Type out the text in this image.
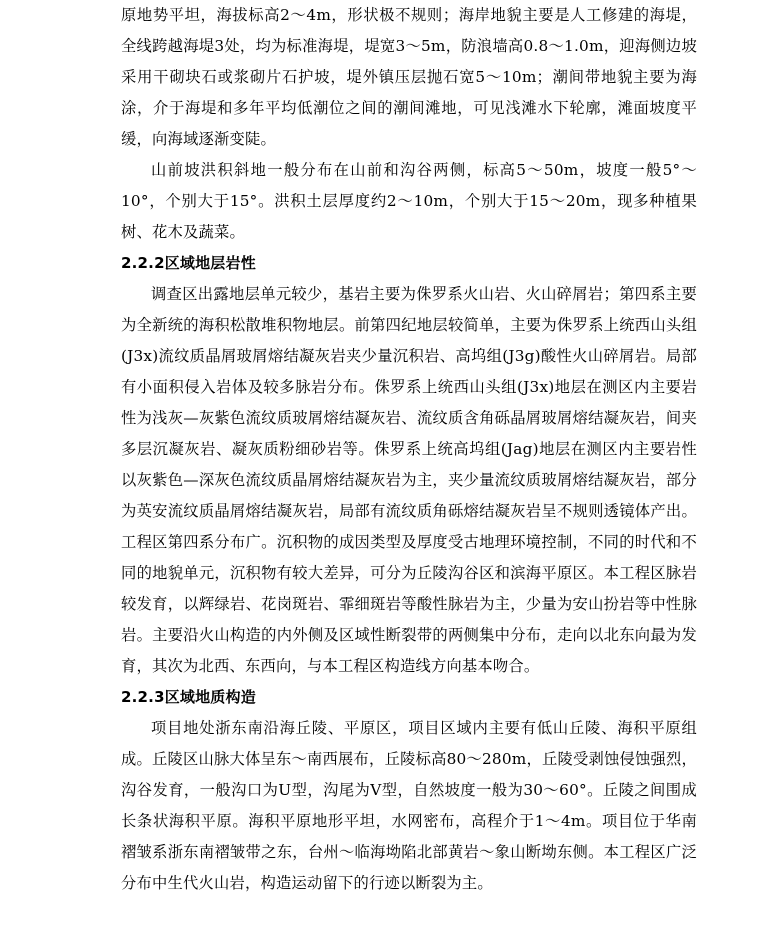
原地势平坦，海拔标高2～4m，形状极不规则；海岸地貌主要是人工修建的海堤，全线跨越海堤3处，均为标准海堤，堤宽3～5m，防浪墙高0.8～1.0m，迎海侧边坡采用干砌块石或浆砌片石护坡，堤外镇压层抛石宽5～10m；潮间带地貌主要为海涂，介于海堤和多年平均低潮位之间的潮间滩地，可见浅滩水下轮廓，滩面坡度平缓，向海域逐渐变陡。

山前坡洪积斜地一般分布在山前和沟谷两侧，标高5～50m，坡度一般5°～10°，个别大于15°。洪积土层厚度约2～10m，个别大于15～20m，现多种植果树、花木及蔬菜。

2.2.2区域地层岩性

调查区出露地层单元较少，基岩主要为侏罗系火山岩、火山碎屑岩；第四系主要为全新统的海积松散堆积物地层。前第四纪地层较简单，主要为侏罗系上统西山头组(J3x)流纹质晶屑玻屑熔结凝灰岩夹少量沉积岩、高坞组(J3g)酸性火山碎屑岩。局部有小面积侵入岩体及较多脉岩分布。侏罗系上统西山头组(J3x)地层在测区内主要岩性为浅灰—灰紫色流纹质玻屑熔结凝灰岩、流纹质含角砾晶屑玻屑熔结凝灰岩，间夹多层沉凝灰岩、凝灰质粉细砂岩等。侏罗系上统高坞组(Jag)地层在测区内主要岩性以灰紫色—深灰色流纹质晶屑熔结凝灰岩为主，夹少量流纹质玻屑熔结凝灰岩，部分为英安流纹质晶屑熔结凝灰岩，局部有流纹质角砾熔结凝灰岩呈不规则透镜体产出。工程区第四系分布广。沉积物的成因类型及厚度受古地理环境控制，不同的时代和不同的地貌单元，沉积物有较大差异，可分为丘陵沟谷区和滨海平原区。本工程区脉岩较发育，以辉绿岩、花岗斑岩、霏细斑岩等酸性脉岩为主，少量为安山扮岩等中性脉岩。主要沿火山构造的内外侧及区域性断裂带的两侧集中分布，走向以北东向最为发育，其次为北西、东西向，与本工程区构造线方向基本吻合。

2.2.3区域地质构造

项目地处浙东南沿海丘陵、平原区，项目区域内主要有低山丘陵、海积平原组成。丘陵区山脉大体呈东～南西展布，丘陵标高80～280m，丘陵受剥蚀侵蚀强烈，沟谷发育，一般沟口为U型，沟尾为V型，自然坡度一般为30～60°。丘陵之间围成长条状海积平原。海积平原地形平坦，水网密布，高程介于1～4m。项目位于华南褶皱系浙东南褶皱带之东，台州～临海坳陷北部黄岩～象山断坳东侧。本工程区广泛分布中生代火山岩，构造运动留下的行迹以断裂为主。
